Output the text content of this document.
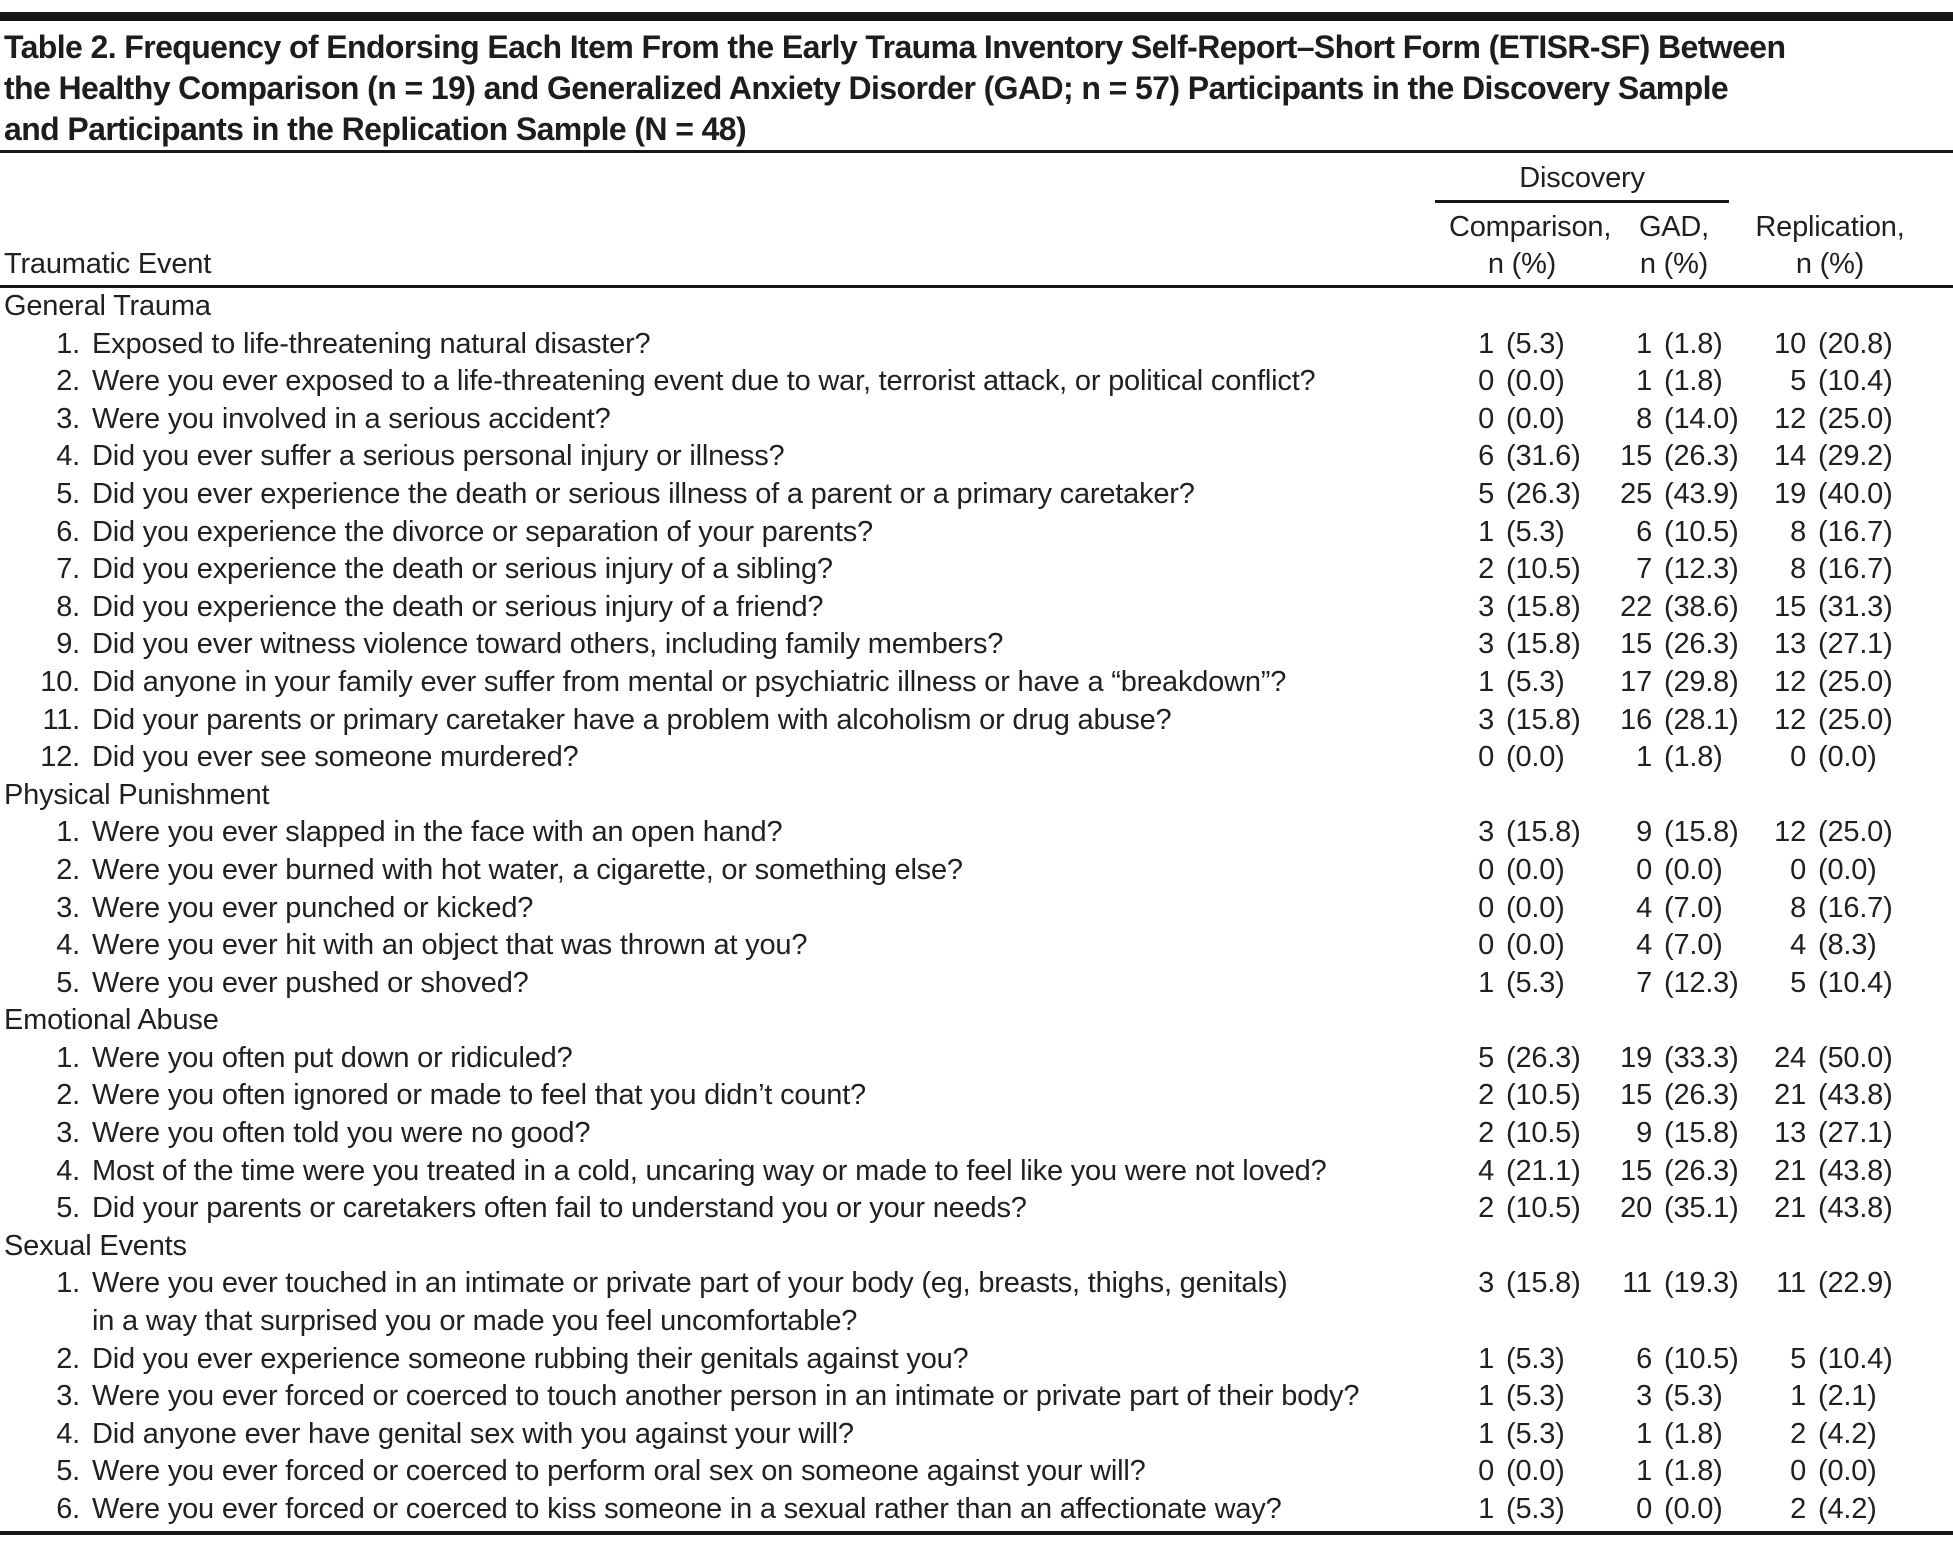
Table 2. Frequency of Endorsing Each Item From the Early Trauma Inventory Self-Report–Short Form (ETISR-SF) Between
the Healthy Comparison (n = 19) and Generalized Anxiety Disorder (GAD; n = 57) Participants in the Discovery Sample
and Participants in the Replication Sample (N = 48)
Discovery
Comparison, GAD,	Replication,
Traumatic Event	n (%)	n (%)	n (%)
General Trauma
1. Exposed to life-threatening natural disaster?	1 (5.3)	1 (1.8)	10 (20.8)
2. Were you ever exposed to a life-threatening event due to war, terrorist attack, or political conflict?	0 (0.0)	1 (1.8)	5 (10.4)
3. Were you involved in a serious accident?	0 (0.0)	8 (14.0)	12 (25.0)
4. Did you ever suffer a serious personal injury or illness?	6 (31.6)	15 (26.3)	14 (29.2)
5. Did you ever experience the death or serious illness of a parent or a primary caretaker?	5 (26.3)	25 (43.9)	19 (40.0)
6. Did you experience the divorce or separation of your parents?	1 (5.3)	6 (10.5)	8 (16.7)
7. Did you experience the death or serious injury of a sibling?	2 (10.5)	7 (12.3)	8 (16.7)
8. Did you experience the death or serious injury of a friend?	3 (15.8)	22 (38.6)	15 (31.3)
9. Did you ever witness violence toward others, including family members?	3 (15.8)	15 (26.3)	13 (27.1)
10. Did anyone in your family ever suffer from mental or psychiatric illness or have a “breakdown”?	1 (5.3)	17 (29.8)	12 (25.0)
11. Did your parents or primary caretaker have a problem with alcoholism or drug abuse?	3 (15.8)	16 (28.1)	12 (25.0)
12. Did you ever see someone murdered?	0 (0.0)	1 (1.8)	0 (0.0)
Physical Punishment
1. Were you ever slapped in the face with an open hand?	3 (15.8)	9 (15.8)	12 (25.0)
2. Were you ever burned with hot water, a cigarette, or something else?	0 (0.0)	0 (0.0)	0 (0.0)
3. Were you ever punched or kicked?	0 (0.0)	4 (7.0)	8 (16.7)
4. Were you ever hit with an object that was thrown at you?	0 (0.0)	4 (7.0)	4 (8.3)
5. Were you ever pushed or shoved?	1 (5.3)	7 (12.3)	5 (10.4)
Emotional Abuse
1. Were you often put down or ridiculed?	5 (26.3)	19 (33.3)	24 (50.0)
2. Were you often ignored or made to feel that you didn’t count?	2 (10.5)	15 (26.3)	21 (43.8)
3. Were you often told you were no good?	2 (10.5)	9 (15.8)	13 (27.1)
4. Most of the time were you treated in a cold, uncaring way or made to feel like you were not loved?	4 (21.1)	15 (26.3)	21 (43.8)
5. Did your parents or caretakers often fail to understand you or your needs?	2 (10.5)	20 (35.1)	21 (43.8)
Sexual Events
1. Were you ever touched in an intimate or private part of your body (eg, breasts, thighs, genitals)	3 (15.8)	11 (19.3)	11 (22.9)
in a way that surprised you or made you feel uncomfortable?
2. Did you ever experience someone rubbing their genitals against you?	1 (5.3)	6 (10.5)	5 (10.4)
3. Were you ever forced or coerced to touch another person in an intimate or private part of their body?	1 (5.3)	3 (5.3)	1 (2.1)
4. Did anyone ever have genital sex with you against your will?	1 (5.3)	1 (1.8)	2 (4.2)
5. Were you ever forced or coerced to perform oral sex on someone against your will?	0 (0.0)	1 (1.8)	0 (0.0)
6. Were you ever forced or coerced to kiss someone in a sexual rather than an affectionate way?	1 (5.3)	0 (0.0)	2 (4.2)
